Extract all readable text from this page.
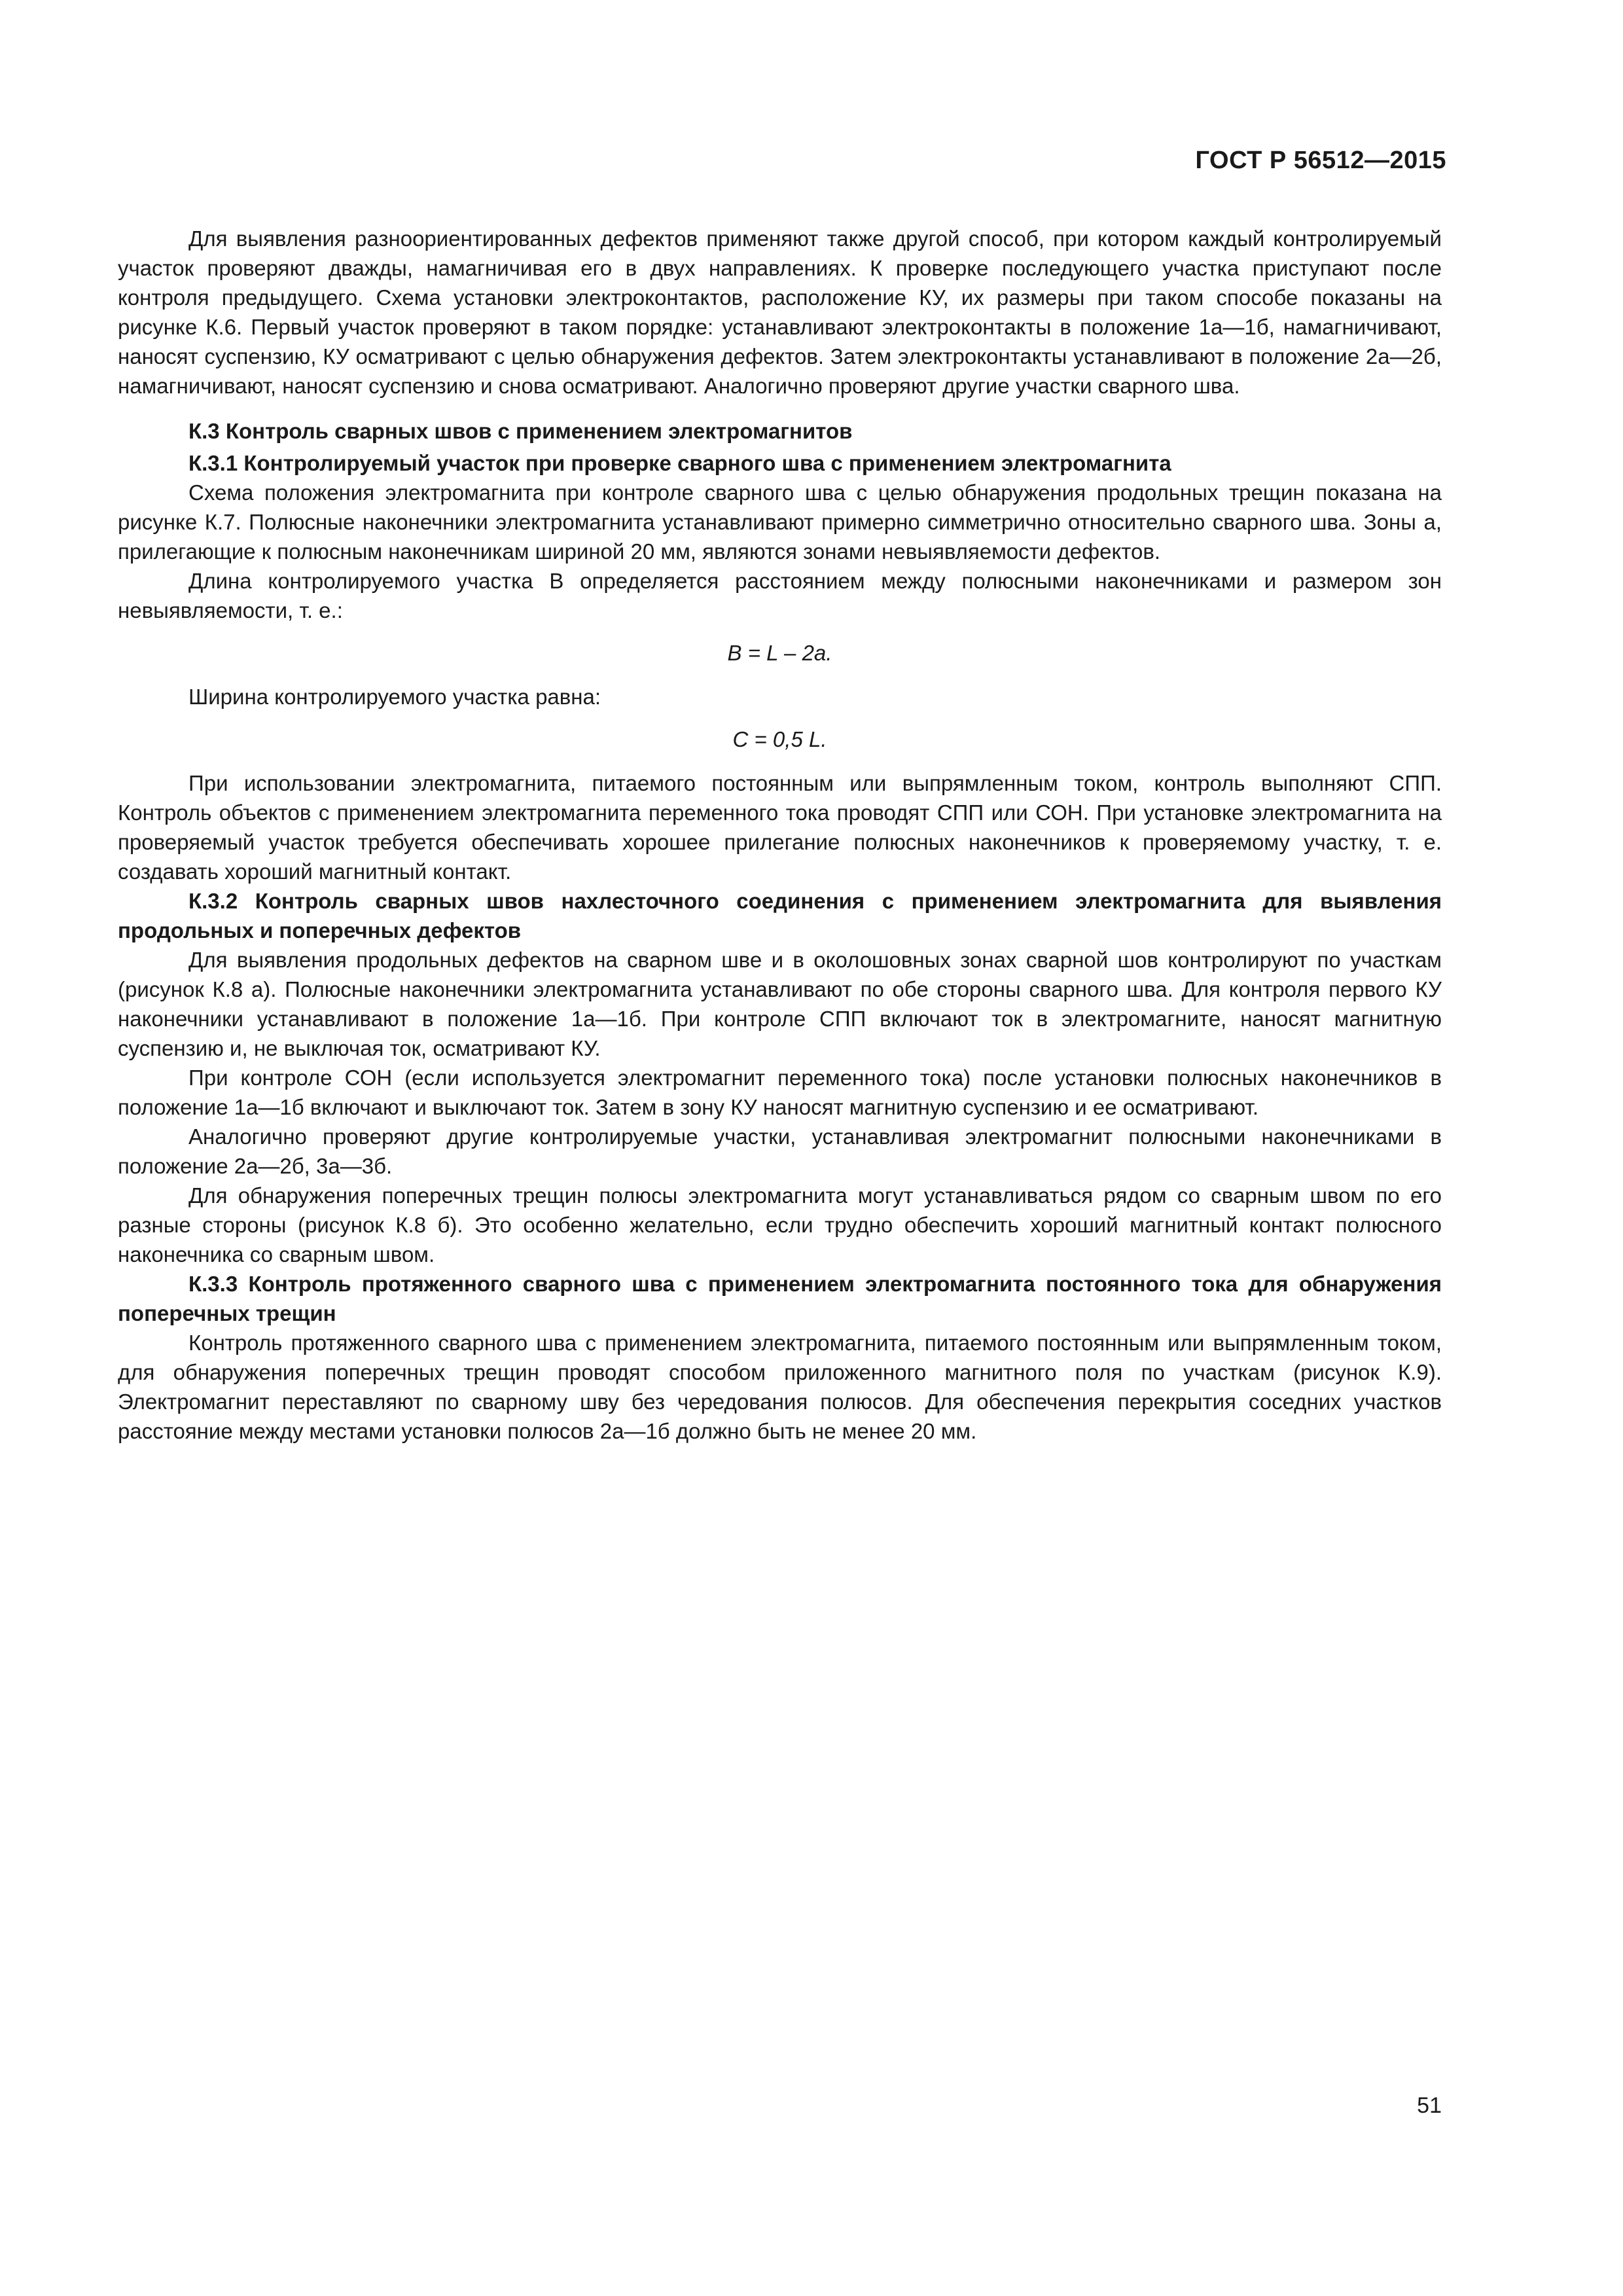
ГОСТ Р 56512—2015

Для выявления разноориентированных дефектов применяют также другой способ, при котором каждый контролируемый участок проверяют дважды, намагничивая его в двух направлениях. К проверке последующего участка приступают после контроля предыдущего. Схема установки электроконтактов, расположение КУ, их размеры при таком способе показаны на рисунке К.6. Первый участок проверяют в таком порядке: устанавливают электроконтакты в положение 1а—1б, намагничивают, наносят суспензию, КУ осматривают с целью обнаружения дефектов. Затем электроконтакты устанавливают в положение 2а—2б, намагничивают, наносят суспензию и снова осматривают. Аналогично проверяют другие участки сварного шва.

К.3 Контроль сварных швов с применением электромагнитов

К.3.1 Контролируемый участок при проверке сварного шва с применением электромагнита

Схема положения электромагнита при контроле сварного шва с целью обнаружения продольных трещин показана на рисунке К.7. Полюсные наконечники электромагнита устанавливают примерно симметрично относительно сварного шва. Зоны a, прилегающие к полюсным наконечникам шириной 20 мм, являются зонами невыявляемости дефектов.

Длина контролируемого участка B определяется расстоянием между полюсными наконечниками и размером зон невыявляемости, т. е.:

B = L – 2a.

Ширина контролируемого участка равна:

C = 0,5 L.

При использовании электромагнита, питаемого постоянным или выпрямленным током, контроль выполняют СПП. Контроль объектов с применением электромагнита переменного тока проводят СПП или СОН. При установке электромагнита на проверяемый участок требуется обеспечивать хорошее прилегание полюсных наконечников к проверяемому участку, т. е. создавать хороший магнитный контакт.

К.3.2 Контроль сварных швов нахлесточного соединения с применением электромагнита для выявления продольных и поперечных дефектов

Для выявления продольных дефектов на сварном шве и в околошовных зонах сварной шов контролируют по участкам (рисунок К.8 а). Полюсные наконечники электромагнита устанавливают по обе стороны сварного шва. Для контроля первого КУ наконечники устанавливают в положение 1а—1б. При контроле СПП включают ток в электромагните, наносят магнитную суспензию и, не выключая ток, осматривают КУ.

При контроле СОН (если используется электромагнит переменного тока) после установки полюсных наконечников в положение 1а—1б включают и выключают ток. Затем в зону КУ наносят магнитную суспензию и ее осматривают.

Аналогично проверяют другие контролируемые участки, устанавливая электромагнит полюсными наконечниками в положение 2а—2б, 3а—3б.

Для обнаружения поперечных трещин полюсы электромагнита могут устанавливаться рядом со сварным швом по его разные стороны (рисунок К.8 б). Это особенно желательно, если трудно обеспечить хороший магнитный контакт полюсного наконечника со сварным швом.

К.3.3 Контроль протяженного сварного шва с применением электромагнита постоянного тока для обнаружения поперечных трещин

Контроль протяженного сварного шва с применением электромагнита, питаемого постоянным или выпрямленным током, для обнаружения поперечных трещин проводят способом приложенного магнитного поля по участкам (рисунок К.9). Электромагнит переставляют по сварному шву без чередования полюсов. Для обеспечения перекрытия соседних участков расстояние между местами установки полюсов 2а—1б должно быть не менее 20 мм.

51
